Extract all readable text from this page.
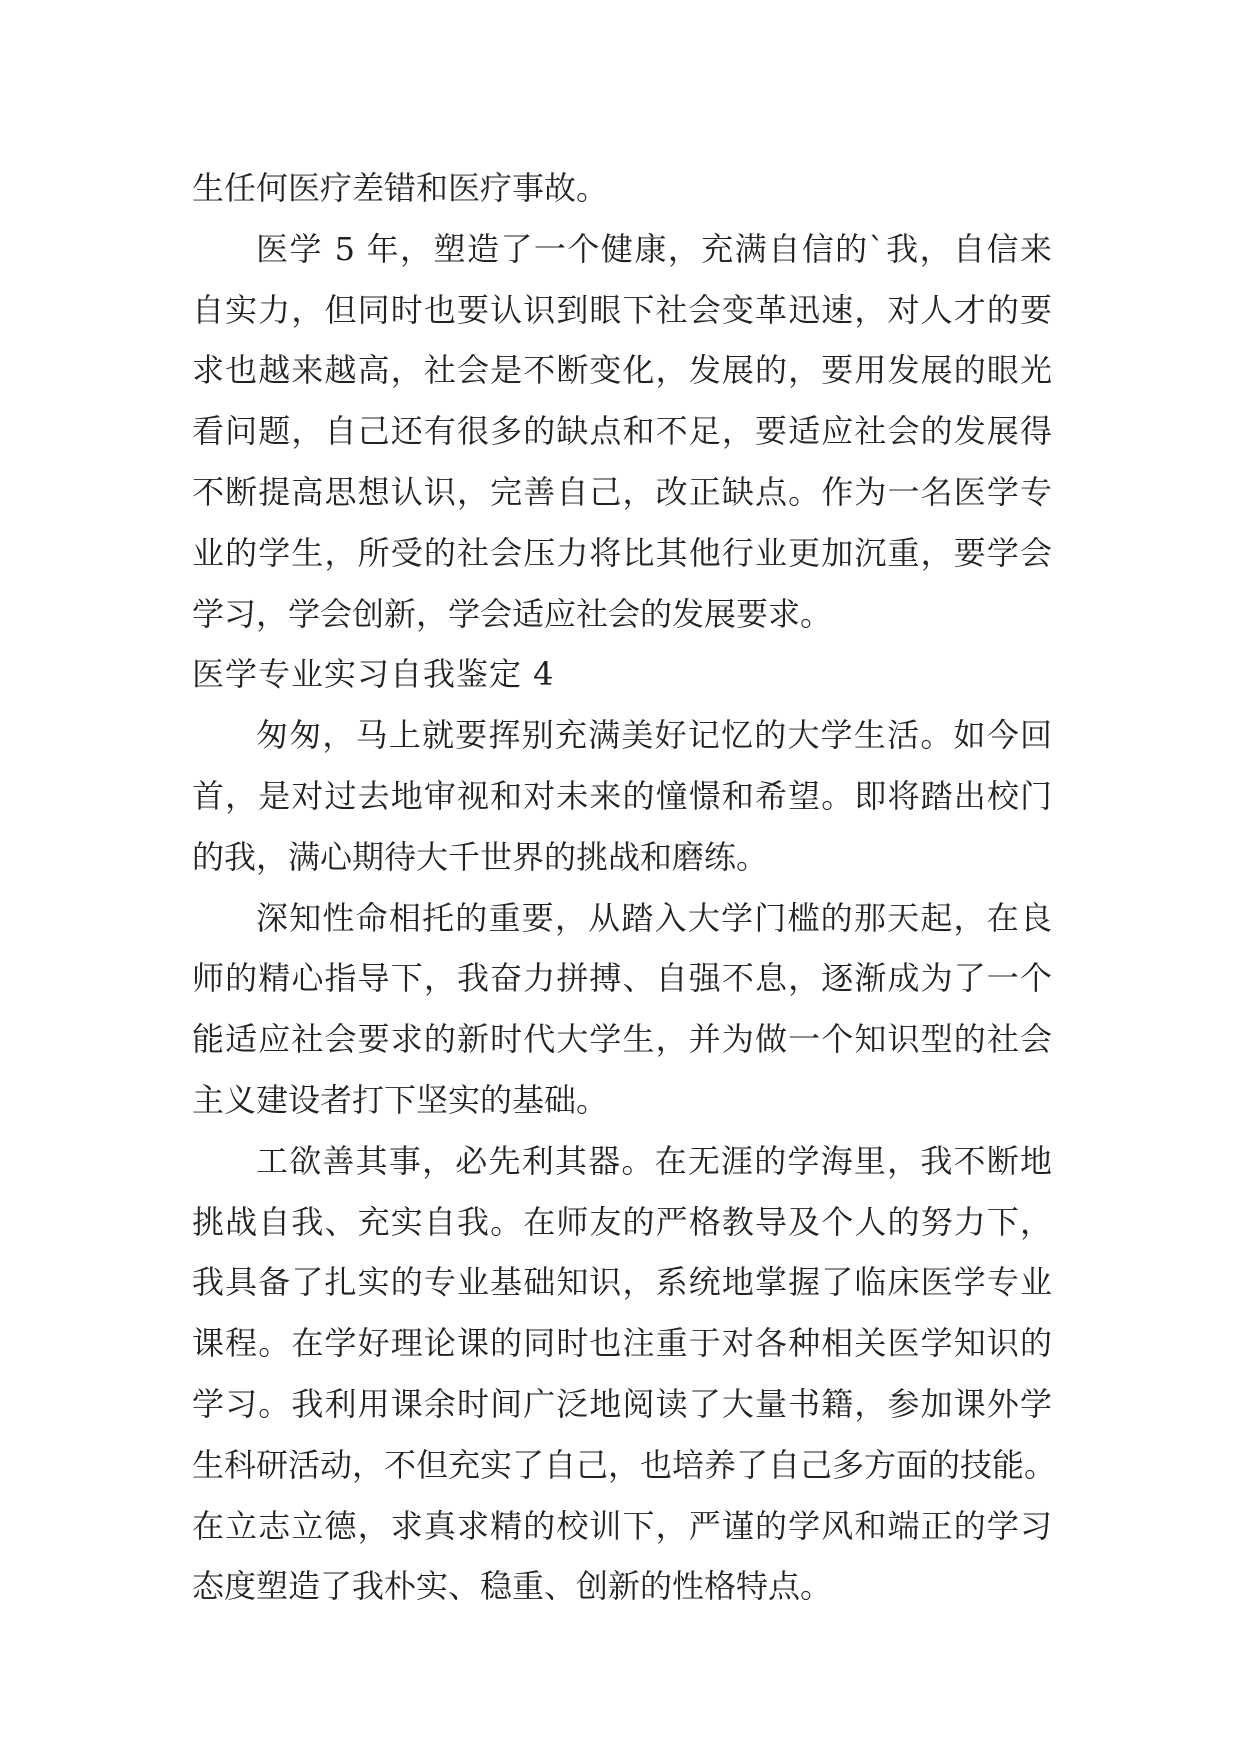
生任何医疗差错和医疗事故。
医学 5 年，塑造了一个健康，充满自信的`我，自信来
自实力，但同时也要认识到眼下社会变革迅速，对人才的要
求也越来越高，社会是不断变化，发展的，要用发展的眼光
看问题，自己还有很多的缺点和不足，要适应社会的发展得
不断提高思想认识，完善自己，改正缺点。作为一名医学专
业的学生，所受的社会压力将比其他行业更加沉重，要学会
学习，学会创新，学会适应社会的发展要求。
医学专业实习自我鉴定 4
匆匆，马上就要挥别充满美好记忆的大学生活。如今回
首，是对过去地审视和对未来的憧憬和希望。即将踏出校门
的我，满心期待大千世界的挑战和磨练。
深知性命相托的重要，从踏入大学门槛的那天起，在良
师的精心指导下，我奋力拼搏、自强不息，逐渐成为了一个
能适应社会要求的新时代大学生，并为做一个知识型的社会
主义建设者打下坚实的基础。
工欲善其事，必先利其器。在无涯的学海里，我不断地
挑战自我、充实自我。在师友的严格教导及个人的努力下，
我具备了扎实的专业基础知识，系统地掌握了临床医学专业
课程。在学好理论课的同时也注重于对各种相关医学知识的
学习。我利用课余时间广泛地阅读了大量书籍，参加课外学
生科研活动，不但充实了自己，也培养了自己多方面的技能。
在立志立德，求真求精的校训下，严谨的学风和端正的学习
态度塑造了我朴实、稳重、创新的性格特点。
